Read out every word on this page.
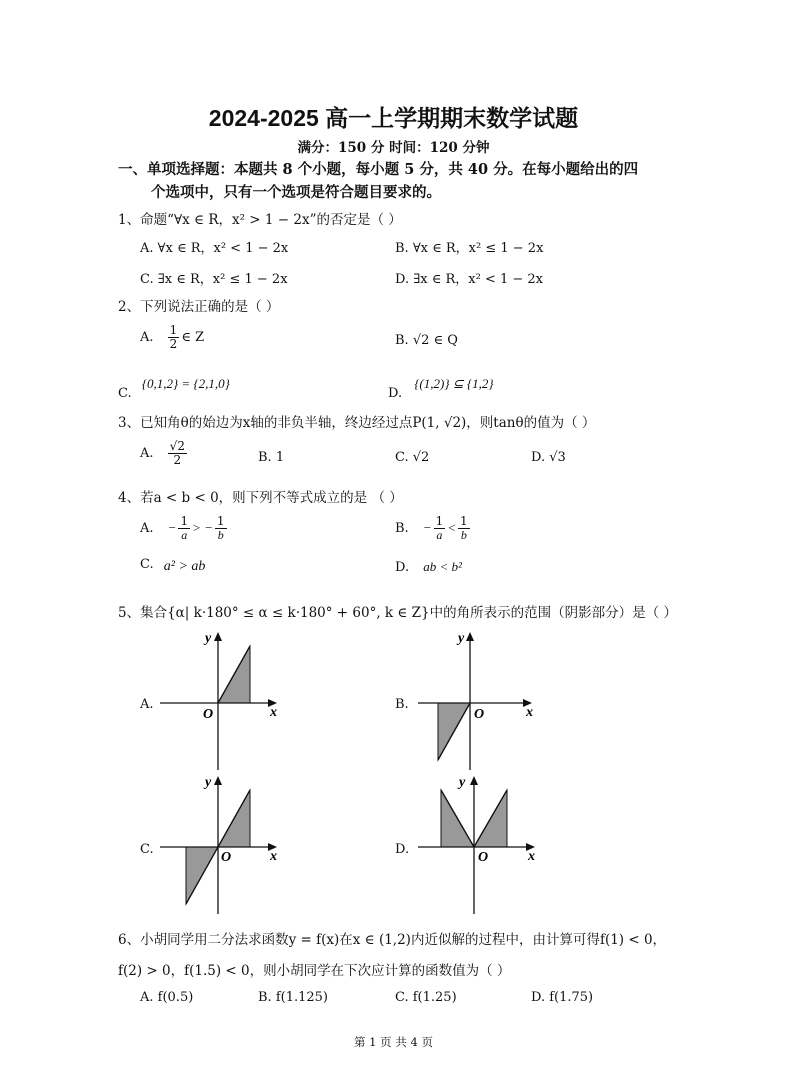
2024-2025 高一上学期期末数学试题
满分：150 分 时间：120 分钟
一、单项选择题：本题共 8 个小题，每小题 5 分，共 40 分。在每小题给出的四
个选项中，只有一个选项是符合题目要求的。
1、命题“∀x ∈ R，x² > 1 − 2x”的否定是（ ）
A. ∀x ∈ R，x² < 1 − 2x	B. ∀x ∈ R，x² ≤ 1 − 2x
C. ∃x ∈ R，x² ≤ 1 − 2x	D. ∃x ∈ R，x² < 1 − 2x
2、下列说法正确的是（ ）
A. $\frac{1}{2}$ ∈ Z	B. √2 ∈ Q
C. {0,1,2} = {2,1,0}
D. {(1,2)} ⊆ {1,2}
3、已知角θ的始边为x轴的非负半轴，终边经过点P(1, √2)，则tanθ的值为（ ）
A. $\frac{√2}{2}$	B. 1	C. √2	D. √3
4、若a < b < 0，则下列不等式成立的是 （ ）
A. − $\frac{1}{a}$ > − $\frac{1}{b}$	B. − $\frac{1}{a} < \frac{1}{b}$
C. a² > ab	D. ab < b²
5、集合{α| k·180° ≤ α ≤ k·180° + 60°, k ∈ Z}中的角所表示的范围（阴影部分）是（ ）
A.	B.
C.	D.
x
y
O	x
y
O
x
y
O	x
y
O
6、小胡同学用二分法求函数y = f(x)在x ∈ (1,2)内近似解的过程中，由计算可得f(1) < 0，
f(2) > 0，f(1.5) < 0，则小胡同学在下次应计算的函数值为（ ）
A. f(0.5)	B. f(1.125)	C. f(1.25)	D. f(1.75)
第 1 页 共 4 页
